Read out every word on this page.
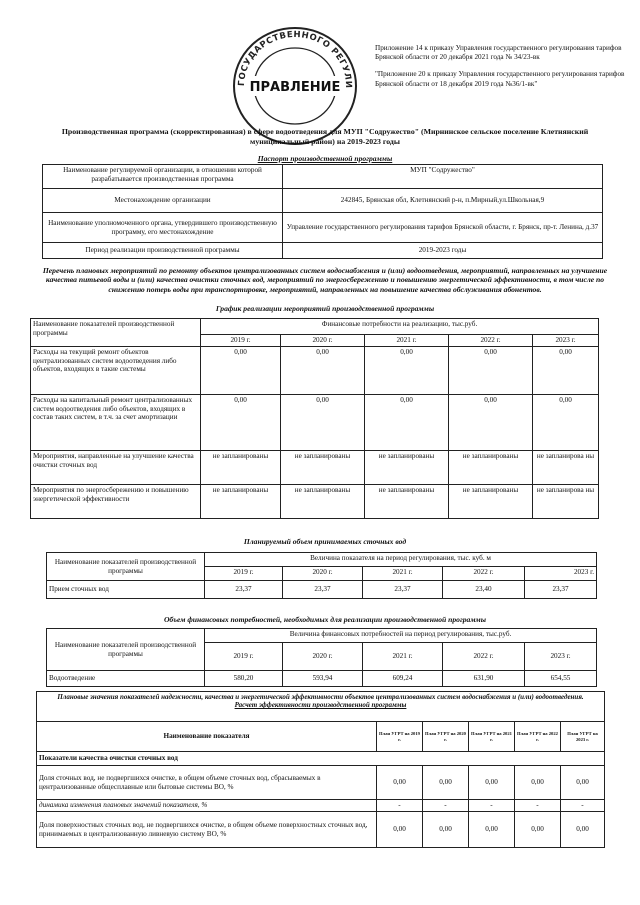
ГОСУДАРСТВЕННОГО РЕГУЛИ
ПРАВЛЕНИЕ

Приложение 14 к приказу Управления государственного регулирования тарифов Брянской области от 20 декабря 2021 года № 34/23-вк

"Приложение 20 к приказу Управления государственного регулирования тарифов Брянской области от 18 декабря 2019 года №36/1-вк"

Производственная программа (скорректированная) в сфере водоотведения для МУП "Содружество" (Мирнинское сельское поселение Клетнянский муниципальный район) на 2019-2023 годы
Паспорт производственной программы
Наименование регулируемой организации, в отношении которой разрабатывается производственная программа	МУП "Содружество"
Местонахождение организации	242845, Брянская обл, Клетнянский р-н, п.Мирный,ул.Школьная,9
Наименование уполномоченного органа, утвердившего производственную программу, его местонахождение	Управление государственного регулирования тарифов Брянской области, г. Брянск, пр-т. Ленина, д.37
Период реализации производственной программы	2019-2023 годы
Перечень плановых мероприятий по ремонту объектов централизованных систем водоснабжения и (или) водоотведения, мероприятий, направленных на улучшение качества питьевой воды и (или) качества очистки сточных вод, мероприятий по энергосбережению и повышению энергетической эффективности, в том числе по снижению потерь воды при транспортировке, мероприятий, направленных на повышение качества обслуживания абонентов.
График реализации мероприятий производственной программы
Наименование показателей производственной программы	Финансовые потребности на реализацию, тыс.руб.				
	2019 г.	2020 г.	2021 г.	2022 г.	2023 г.
Расходы на текущий ремонт объектов централизованных систем водоотведения либо объектов, входящих в такие системы	0,00	0,00	0,00	0,00	0,00
Расходы на капитальный ремонт централизованных систем водоотведения либо объектов, входящих в состав таких систем, в т.ч. за счет амортизации	0,00	0,00	0,00	0,00	0,00
Мероприятия, направленные на улучшение качества очистки сточных вод	не запланированы	не запланированы	не запланированы	не запланированы	не запланирова ны
Мероприятия по энергосбережению и повышению энергетической эффективности	не запланированы	не запланированы	не запланированы	не запланированы	не запланирова ны
Планируемый объем принимаемых сточных вод
Наименование показателей производственной программы	Величина показателя на период регулирования, тыс. куб. м				
	2019 г.	2020 г.	2021 г.	2022 г.	2023 г.
Прием сточных вод	23,37	23,37	23,37	23,40	23,37
Объем финансовых потребностей, необходимых для реализации производственной программы
Наименование показателей производственной программы	Величина финансовых потребностей на период регулирования, тыс.руб.				
	2019 г.	2020 г.	2021 г.	2022 г.	2023 г.
Водоотведение	580,20	593,94	609,24	631,90	654,55
Плановые значения показателей надежности, качества и энергетической эффективности объектов централизованных систем водоснабжения и (или) водоотведения.
Расчет эффективности производственной программы					
Наименование показателя	План УГРТ на 2019 г.	План УГРТ на 2020 г.	План УГРТ на 2021 г.	План УГРТ на 2022 г.	План УГРТ на 2023 г.
Показатели качества очистки сточных вод					
Доля сточных вод, не подвергшихся очистке, в общем объеме сточных вод, сбрасываемых в централизованные общесплавные или бытовые системы ВО, %	0,00	0,00	0,00	0,00	0,00
динамика изменения плановых значений показателя, %	-	-	-	-	-
Доля поверхностных сточных вод, не подвергшихся очистке, в общем объеме поверхностных сточных вод, принимаемых в централизованную ливневую систему ВО, %	0,00	0,00	0,00	0,00	0,00
